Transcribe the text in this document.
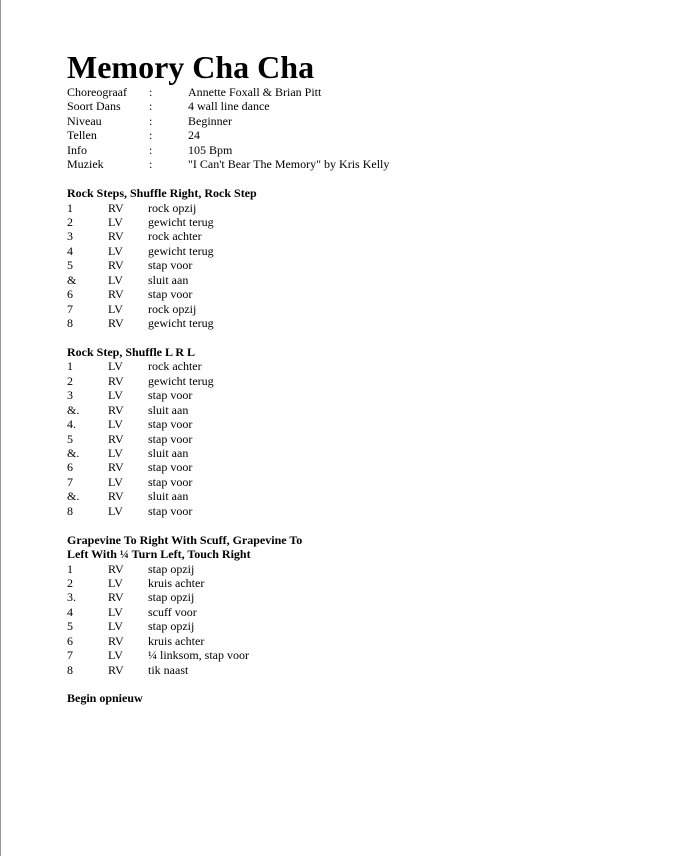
Memory Cha Cha
Choreograaf :	Annette Foxall & Brian Pitt
Soort Dans :	4 wall line dance
Niveau	:	Beginner
Tellen	:	24
Info	:	105 Bpm
Muziek	:	"I Can't Bear The Memory" by Kris Kelly
Rock Steps, Shuffle Right, Rock Step
1	RV rock opzij
2	LV gewicht terug
3	RV rock achter
4	LV gewicht terug
5	RV stap voor
&	LV sluit aan
6	RV stap voor
7	LV rock opzij
8	RV gewicht terug
Rock Step, Shuffle L R L
1	LV rock achter
2	RV gewicht terug
3	LV stap voor
&. RV sluit aan
4.	LV stap voor
5	RV stap voor
&. LV sluit aan
6	RV stap voor
7	LV stap voor
&. RV sluit aan
8	LV stap voor
Grapevine To Right With Scuff, Grapevine To
Left With ¼ Turn Left, Touch Right
1	RV stap opzij
2	LV kruis achter
3.	RV stap opzij
4	LV scuff voor
5	LV stap opzij
6	RV kruis achter
7	LV ¼ linksom, stap voor
8	RV tik naast
Begin opnieuw
